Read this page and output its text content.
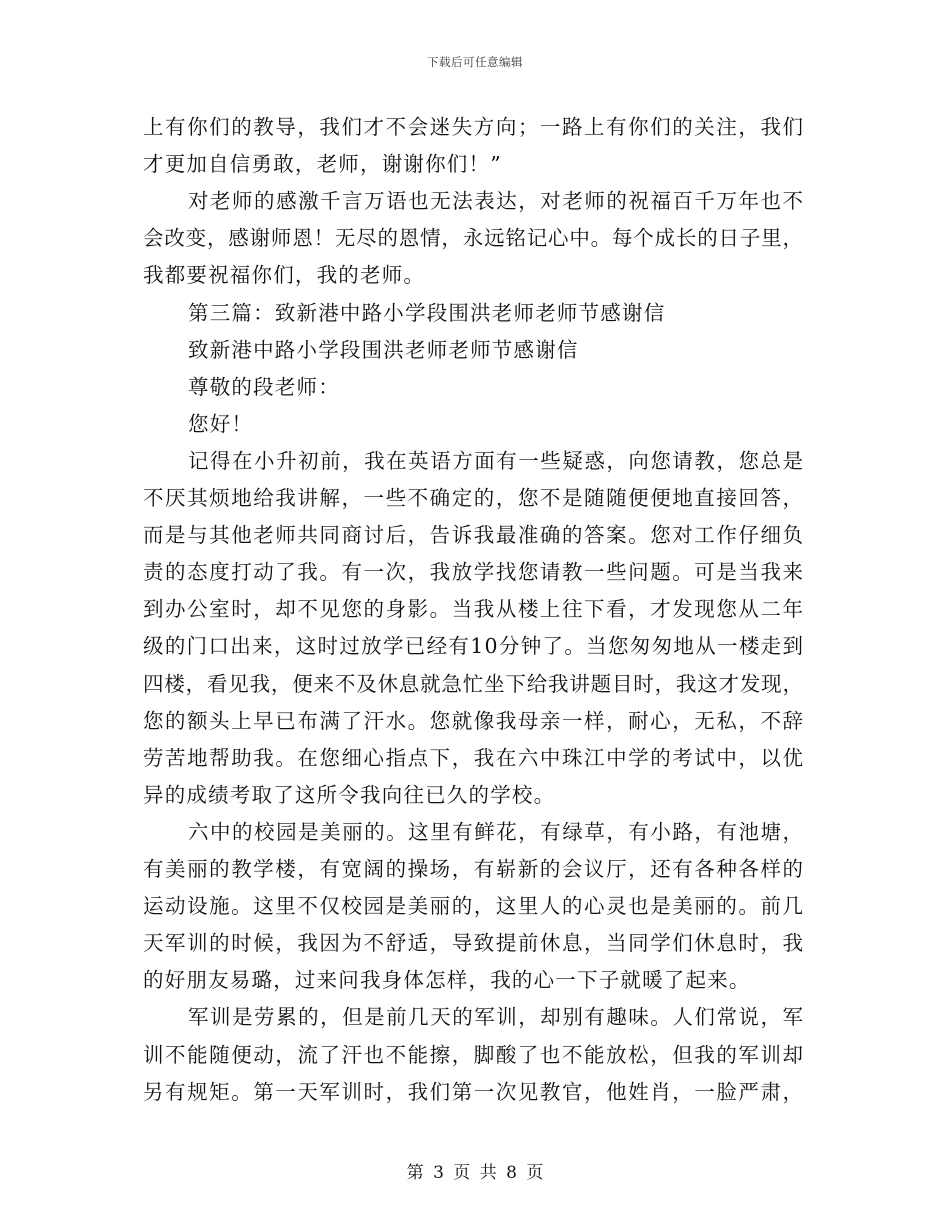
下载后可任意编辑
上有你们的教导，我们才不会迷失方向；一路上有你们的关注，我们
才更加自信勇敢，老师，谢谢你们！”
对老师的感激千言万语也无法表达，对老师的祝福百千万年也不
会改变，感谢师恩！无尽的恩情，永远铭记心中。每个成长的日子里，
我都要祝福你们，我的老师。
第三篇：致新港中路小学段围洪老师老师节感谢信
致新港中路小学段围洪老师老师节感谢信
尊敬的段老师：
您好！
记得在小升初前，我在英语方面有一些疑惑，向您请教，您总是
不厌其烦地给我讲解，一些不确定的，您不是随随便便地直接回答，
而是与其他老师共同商讨后，告诉我最准确的答案。您对工作仔细负
责的态度打动了我。有一次，我放学找您请教一些问题。可是当我来
到办公室时，却不见您的身影。当我从楼上往下看，才发现您从二年
级的门口出来，这时过放学已经有10分钟了。当您匆匆地从一楼走到
四楼，看见我，便来不及休息就急忙坐下给我讲题目时，我这才发现，
您的额头上早已布满了汗水。您就像我母亲一样，耐心，无私，不辞
劳苦地帮助我。在您细心指点下，我在六中珠江中学的考试中，以优
异的成绩考取了这所令我向往已久的学校。
六中的校园是美丽的。这里有鲜花，有绿草，有小路，有池塘，
有美丽的教学楼，有宽阔的操场，有崭新的会议厅，还有各种各样的
运动设施。这里不仅校园是美丽的，这里人的心灵也是美丽的。前几
天军训的时候，我因为不舒适，导致提前休息，当同学们休息时，我
的好朋友易璐，过来问我身体怎样，我的心一下子就暖了起来。
军训是劳累的，但是前几天的军训，却别有趣味。人们常说，军
训不能随便动，流了汗也不能擦，脚酸了也不能放松，但我的军训却
另有规矩。第一天军训时，我们第一次见教官，他姓肖，一脸严肃，
第 3 页 共 8 页
